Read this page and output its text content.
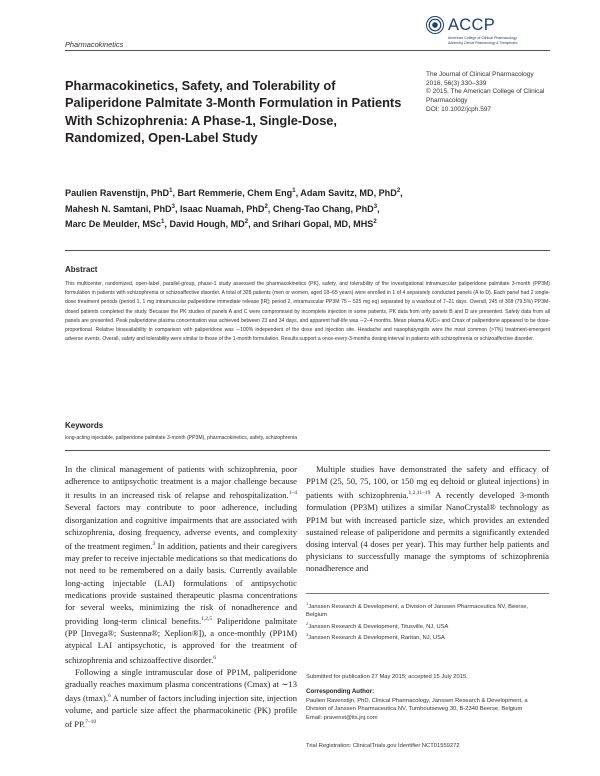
Pharmacokinetics
ACCP
American College of Clinical Pharmacology
Advancing Clinical Pharmacology & Therapeutics
Pharmacokinetics, Safety, and Tolerability of Paliperidone Palmitate 3-Month Formulation in Patients With Schizophrenia: A Phase-1, Single-Dose, Randomized, Open-Label Study
The Journal of Clinical Pharmacology
2016, 56(3) 330–339
© 2015, The American College of Clinical Pharmacology
DOI: 10.1002/jcph.597
Paulien Ravenstijn, PhD$^1$, Bart Remmerie, Chem Eng$^1$, Adam Savitz, MD, PhD$^2$,
Mahesh N. Samtani, PhD$^3$, Isaac Nuamah, PhD$^2$, Cheng-Tao Chang, PhD$^3$,
Marc De Meulder, MSc$^1$, David Hough, $MD^2$, and Srihari Gopal, MD, MHS$^2$
Abstract

This multicenter, randomized, open-label, parallel-group, phase-1 study assessed the pharmacokinetics (PK), safety, and tolerability of the investigational intramuscular paliperidone palmitate 3-month (PP3M) formulation in patients with schizophrenia or schizoaffective disorder. A total of 328 patients (men or women, aged 18–65 years) were enrolled in 1 of 4 separately conducted panels (A to D). Each panel had 2 single-dose treatment periods (period 1, 1 mg intramuscular paliperidone immediate release [IR]; period 2, intramuscular PP3M 75 – 525 mg eq) separated by a washout of 7–21 days. Overall, 245 of 308 (79.5%) PP3M-dosed patients completed the study. Because the PK studies of panels A and C were compromised by incomplete injection in some patients, PK data from only panels B and D are presented. Safety data from all panels are presented. Peak paliperidone plasma concentration was achieved between 23 and 34 days, and apparent half-life was ∼2–4 months. Mean plasma AUC∞ and Cmax of paliperidone appeared to be dose-proportional. Relative bioavailability in comparison with paliperidone was ∼100% independent of the dose and injection site. Headache and nasopharyngitis were the most common (>7%) treatment-emergent adverse events. Overall, safety and tolerability were similar to those of the 1-month formulation. Results support a once-every-3-months dosing interval in patients with schizophrenia or schizoaffective disorder.

Keywords

long-acting injectable, paliperidone palmitate 3-month (PP3M), pharmacokinetics, safety, schizophrenia

In the clinical management of patients with schizophrenia, poor adherence to antipsychotic treatment is a major challenge because it results in an increased risk of relapse and rehospitalization.$^{1-4}$ Several factors may contribute to poor adherence, including disorganization and cognitive impairments that are associated with schizophrenia, dosing frequency, adverse events, and complexity of the treatment regimen.$^3$ In addition, patients and their caregivers may prefer to receive injectable medications so that medications do not need to be remembered on a daily basis. Currently available long-acting injectable (LAI) formulations of antipsychotic medications provide sustained therapeutic plasma concentrations for several weeks, minimizing the risk of nonadherence and providing long-term clinical benefits.$^{1,2,5}$ Paliperidone palmitate (PP [Invega®; Sustenna®; Xeplion®]), a once-monthly (PP1M) atypical LAI antipsychotic, is approved for the treatment of schizophrenia and schizoaffective disorder.$^6$

Following a single intramuscular dose of PP1M, paliperidone gradually reaches maximum plasma concentrations (Cmax) at ∼13 days (tmax).$^6$ A number of factors including injection site, injection volume, and particle size affect the pharmacokinetic (PK) profile of PP.$^{7-10}$

Multiple studies have demonstrated the safety and efficacy of PP1M (25, 50, 75, 100, or 150 mg eq deltoid or gluteal injections) in patients with schizophrenia.$^{1,2,11-19}$ A recently developed 3-month formulation (PP3M) utilizes a similar NanoCrystal® technology as PP1M but with increased particle size, which provides an extended sustained release of paliperidone and permits a significantly extended dosing interval (4 doses per year). This may further help patients and physicians to successfully manage the symptoms of schizophrenia nonadherence and

$^1$Janssen Research & Development, a Division of Janssen Pharmaceutica NV, Beerse, Belgium
$^2$Janssen Research & Development, Titusville, NJ, USA
$^3$Janssen Research & Development, Raritan, NJ, USA
Submitted for publication 27 May 2015; accepted 15 July 2015.
Corresponding Author:
Paulien Ravenstijn, PhD, Clinical Pharmacology, Janssen Research & Development, a Division of Janssen Pharmaceutica NV, Turnhoutseweg 30, B-2340 Beerse, Belgium
Email: pravenst@its.jnj.com
Trial Registration: ClinicalTrials.gov Identifier NCT01559272
